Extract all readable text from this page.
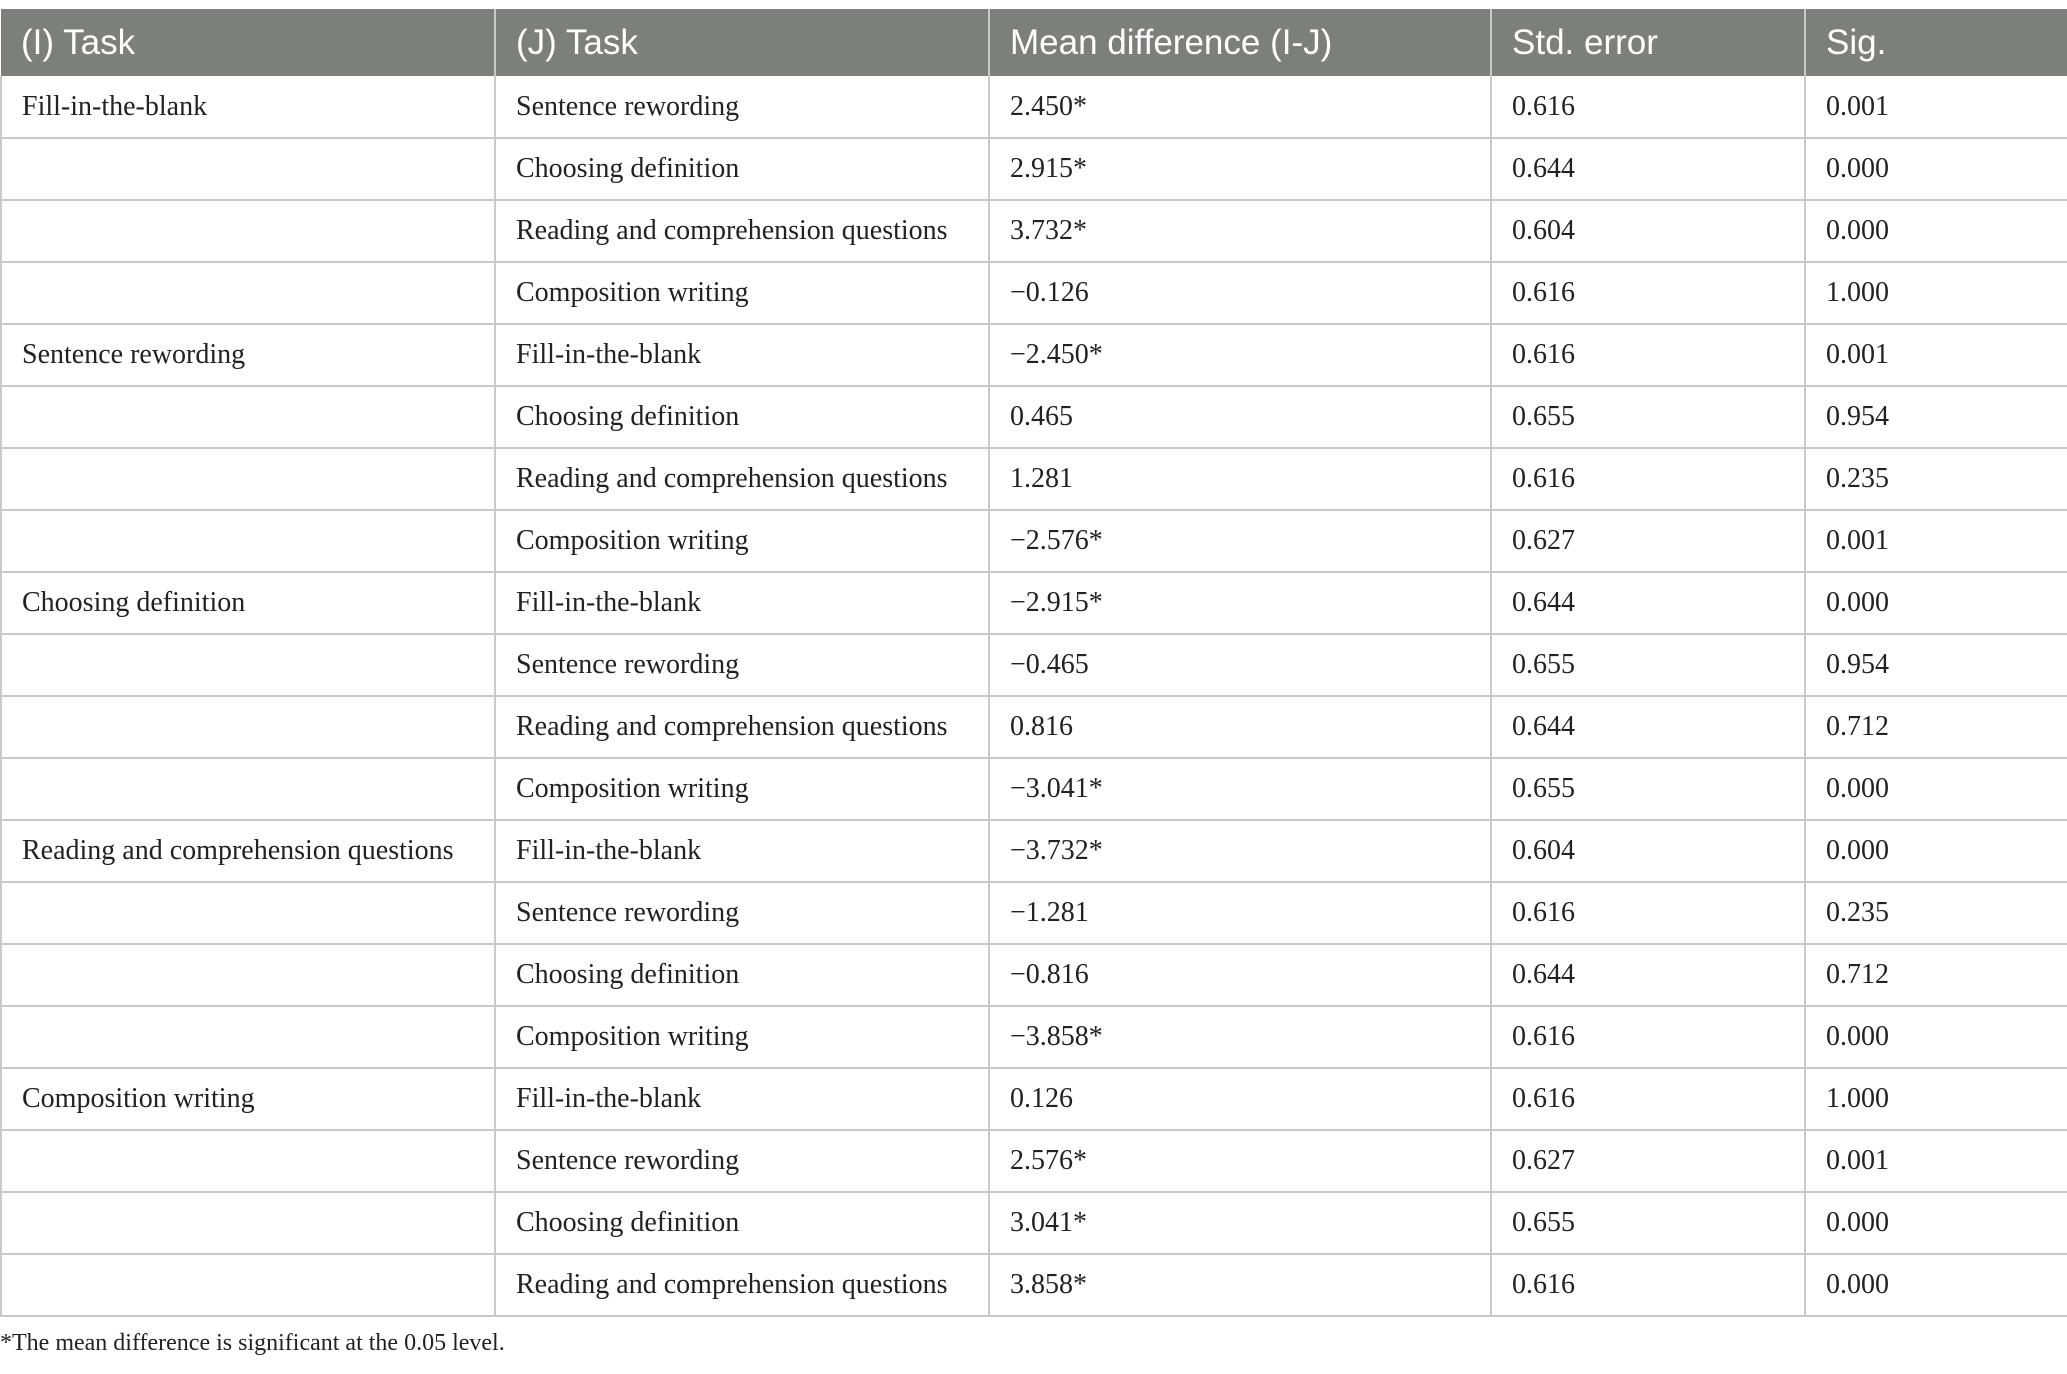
(I) Task	(J) Task	Mean difference (I-J)	Std. error	Sig.
Fill-in-the-blank	Sentence rewording	2.450*	0.616	0.001
	Choosing definition	2.915*	0.644	0.000
	Reading and comprehension questions	3.732*	0.604	0.000
	Composition writing	−0.126	0.616	1.000
Sentence rewording	Fill-in-the-blank	−2.450*	0.616	0.001
	Choosing definition	0.465	0.655	0.954
	Reading and comprehension questions	1.281	0.616	0.235
	Composition writing	−2.576*	0.627	0.001
Choosing definition	Fill-in-the-blank	−2.915*	0.644	0.000
	Sentence rewording	−0.465	0.655	0.954
	Reading and comprehension questions	0.816	0.644	0.712
	Composition writing	−3.041*	0.655	0.000
Reading and comprehension questions	Fill-in-the-blank	−3.732*	0.604	0.000
	Sentence rewording	−1.281	0.616	0.235
	Choosing definition	−0.816	0.644	0.712
	Composition writing	−3.858*	0.616	0.000
Composition writing	Fill-in-the-blank	0.126	0.616	1.000
	Sentence rewording	2.576*	0.627	0.001
	Choosing definition	3.041*	0.655	0.000
	Reading and comprehension questions	3.858*	0.616	0.000
*The mean difference is significant at the 0.05 level.
